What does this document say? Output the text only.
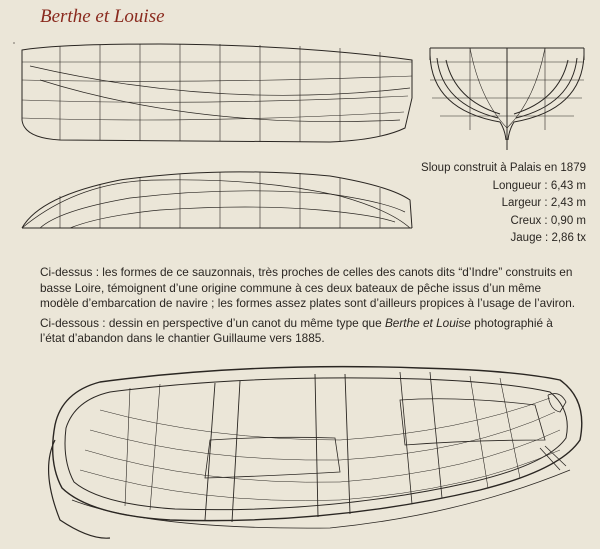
Berthe et Louise
Sloup construit à Palais en 1879
Longueur :
6,43 m
Largeur :
2,43 m
Creux :
0,90 m
Jauge :
2,86 tx

Ci-dessus : les formes de ce sauzonnais, très proches de celles des canots dits “d’Indre” construits en basse Loire, témoignent d’une origine commune à ces deux bateaux de pêche issus d’un même modèle d’embarcation de navire ; les formes assez plates sont d’ailleurs propices à l’usage de l’aviron.

Ci-dessous : dessin en perspective d’un canot du même type que Berthe et Louise photographié à l’état d’abandon dans le chantier Guillaume vers 1885.
